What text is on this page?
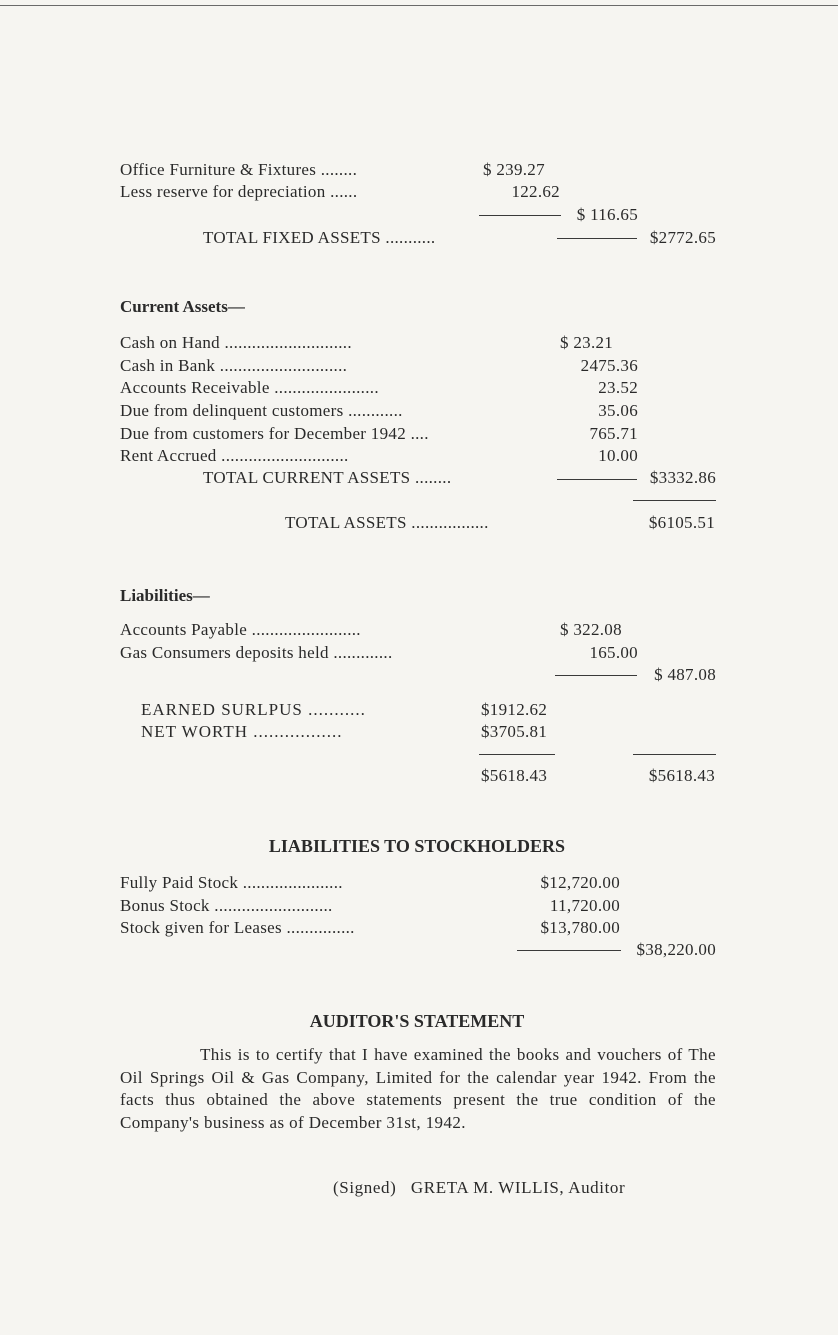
Office Furniture & Fixtures ........	$ 239.27
Less reserve for depreciation ......	122.62
$ 116.65
TOTAL FIXED ASSETS ...........	$2772.65
Current Assets—
Cash on Hand ............................	$ 23.21
Cash in Bank ............................	2475.36
Accounts Receivable .......................	23.52
Due from delinquent customers ............	35.06
Due from customers for December 1942 ....	765.71
Rent Accrued ............................	10.00
TOTAL CURRENT ASSETS ........	$3332.86
TOTAL ASSETS .................	$6105.51
Liabilities—
Accounts Payable ........................	$ 322.08
Gas Consumers deposits held .............	165.00
$ 487.08
EARNED SURLPUS ...........	$1912.62
NET WORTH .................	$3705.81
$5618.43	$5618.43
LIABILITIES TO STOCKHOLDERS
Fully Paid Stock ......................	$12,720.00
Bonus Stock ..........................	11,720.00
Stock given for Leases ...............	$13,780.00
$38,220.00
AUDITOR'S STATEMENT
This is to certify that I have examined the books and vouchers of The Oil Springs Oil & Gas Company, Limited for the calendar year 1942. From the facts thus obtained the above statements present the true condition of the Company's business as of December 31st, 1942.
(Signed) GRETA M. WILLIS, Auditor
